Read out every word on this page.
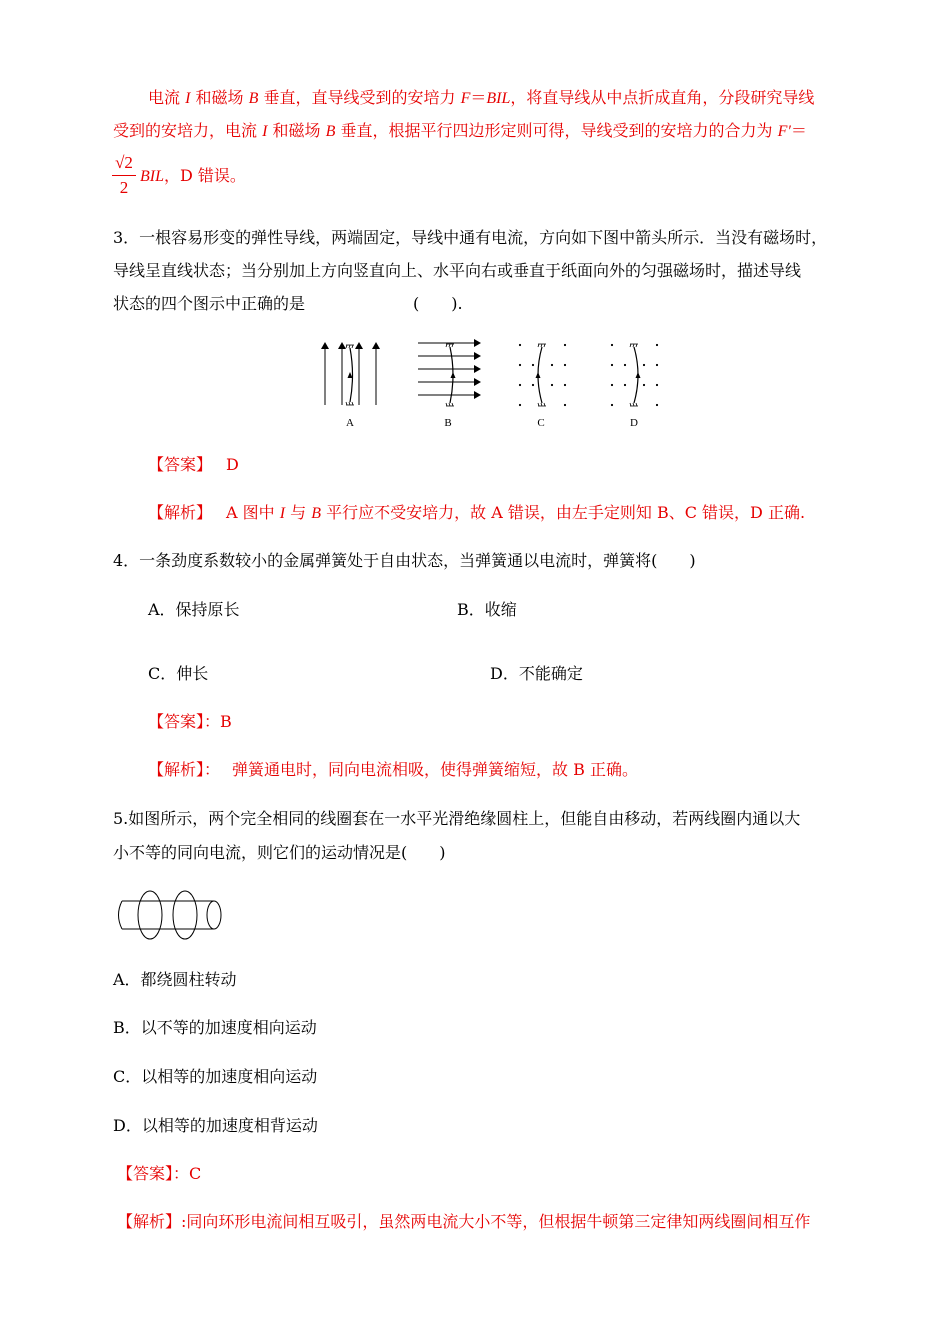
电流 I 和磁场 B 垂直，直导线受到的安培力 F＝BIL，将直导线从中点折成直角，分段研究导线
受到的安培力，电流 I 和磁场 B 垂直，根据平行四边形定则可得，导线受到的安培力的合力为 F′＝
√2
2
BIL，D 错误。
3．一根容易形变的弹性导线，两端固定，导线中通有电流，方向如下图中箭头所示．当没有磁场时，
导线呈直线状态；当分别加上方向竖直向上、水平向右或垂直于纸面向外的匀强磁场时，描述导线
状态的四个图示中正确的是	(　　).
A	B	C	D
【答案】 D
【解析】 A 图中 I 与 B 平行应不受安培力，故 A 错误，由左手定则知 B、C 错误，D 正确.
4．一条劲度系数较小的金属弹簧处于自由状态，当弹簧通以电流时，弹簧将(　　)
A．保持原长	B．收缩
C．伸长	D．不能确定
【答案】：B
【解析】： 弹簧通电时，同向电流相吸，使得弹簧缩短，故 B 正确。
5.如图所示，两个完全相同的线圈套在一水平光滑绝缘圆柱上，但能自由移动，若两线圈内通以大
小不等的同向电流，则它们的运动情况是(　　)
A．都绕圆柱转动
B．以不等的加速度相向运动
C．以相等的加速度相向运动
D．以相等的加速度相背运动
【答案】：C
【解析】:同向环形电流间相互吸引，虽然两电流大小不等，但根据牛顿第三定律知两线圈间相互作
